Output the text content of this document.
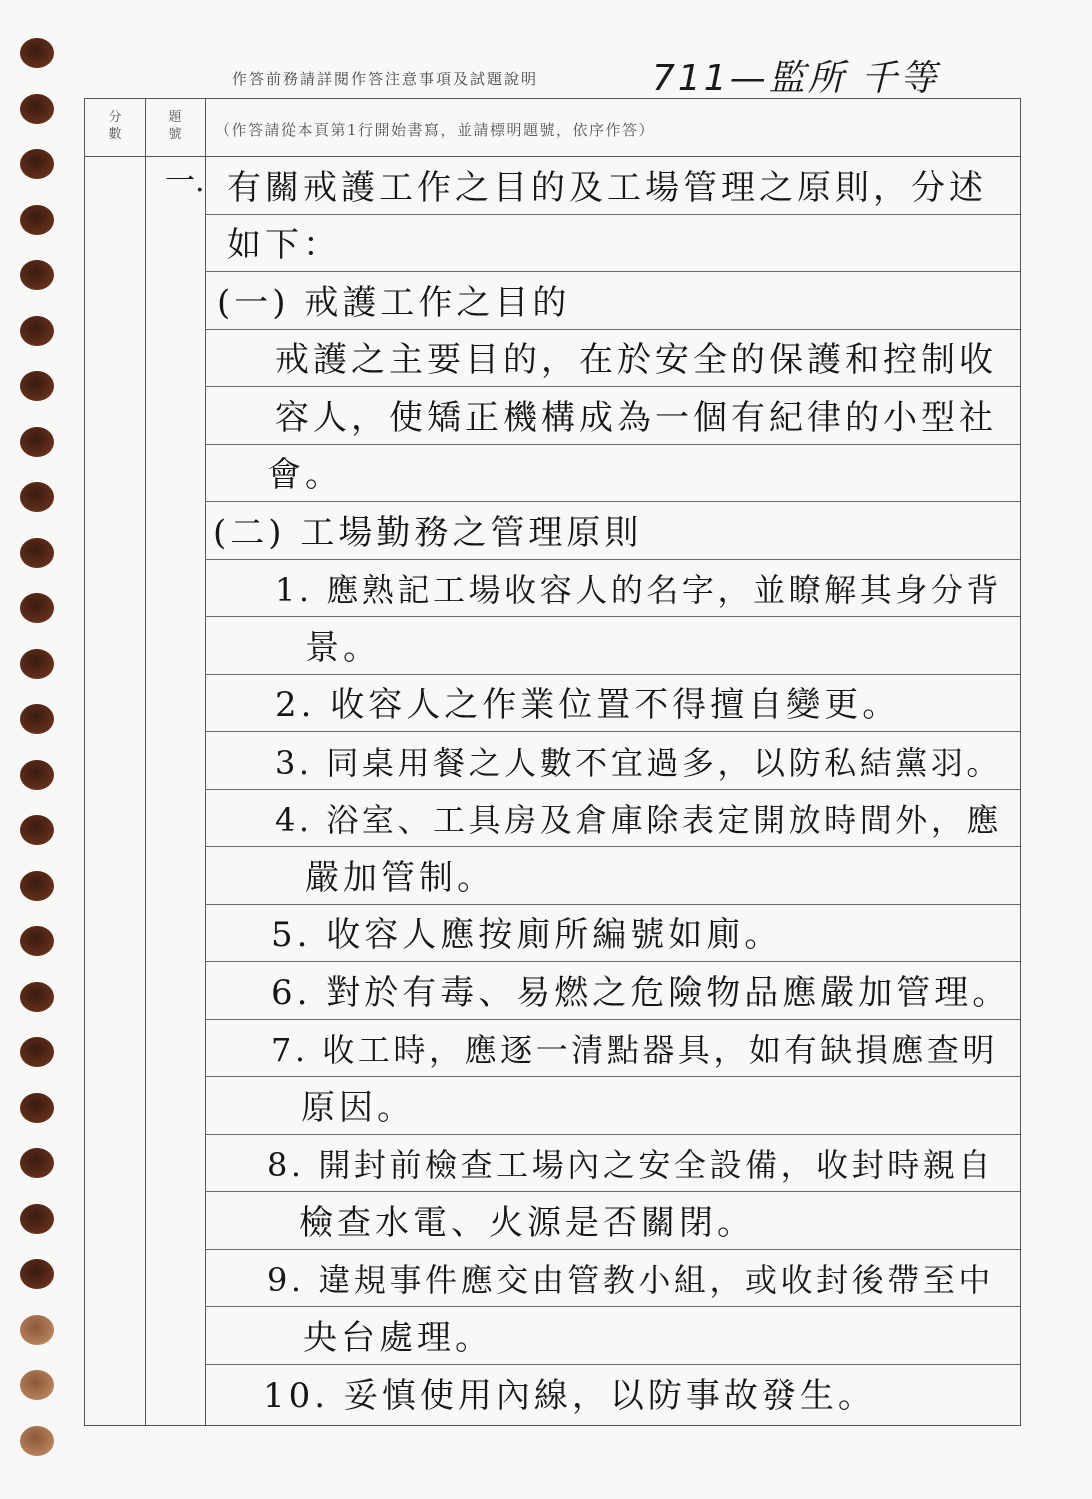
作答前務請詳閱作答注意事項及試題說明	711—監所 千等
分
數
題
號	（作答請從本頁第1行開始書寫，並請標明題號，依序作答）
一. 有關戒護工作之目的及工場管理之原則，分述
如下：
(一) 戒護工作之目的
戒護之主要目的，在於安全的保護和控制收
容人，使矯正機構成為一個有紀律的小型社
會。
(二) 工場勤務之管理原則
1. 應熟記工場收容人的名字，並瞭解其身分背
景。
2. 收容人之作業位置不得擅自變更。
3. 同桌用餐之人數不宜過多，以防私結黨羽。
4. 浴室、工具房及倉庫除表定開放時間外，應
嚴加管制。
5. 收容人應按廁所編號如廁。
6. 對於有毒、易燃之危險物品應嚴加管理。
7. 收工時，應逐一清點器具，如有缺損應查明
原因。
8. 開封前檢查工場內之安全設備，收封時親自
檢查水電、火源是否關閉。
9. 違規事件應交由管教小組，或收封後帶至中
央台處理。
10. 妥慎使用內線，以防事故發生。
